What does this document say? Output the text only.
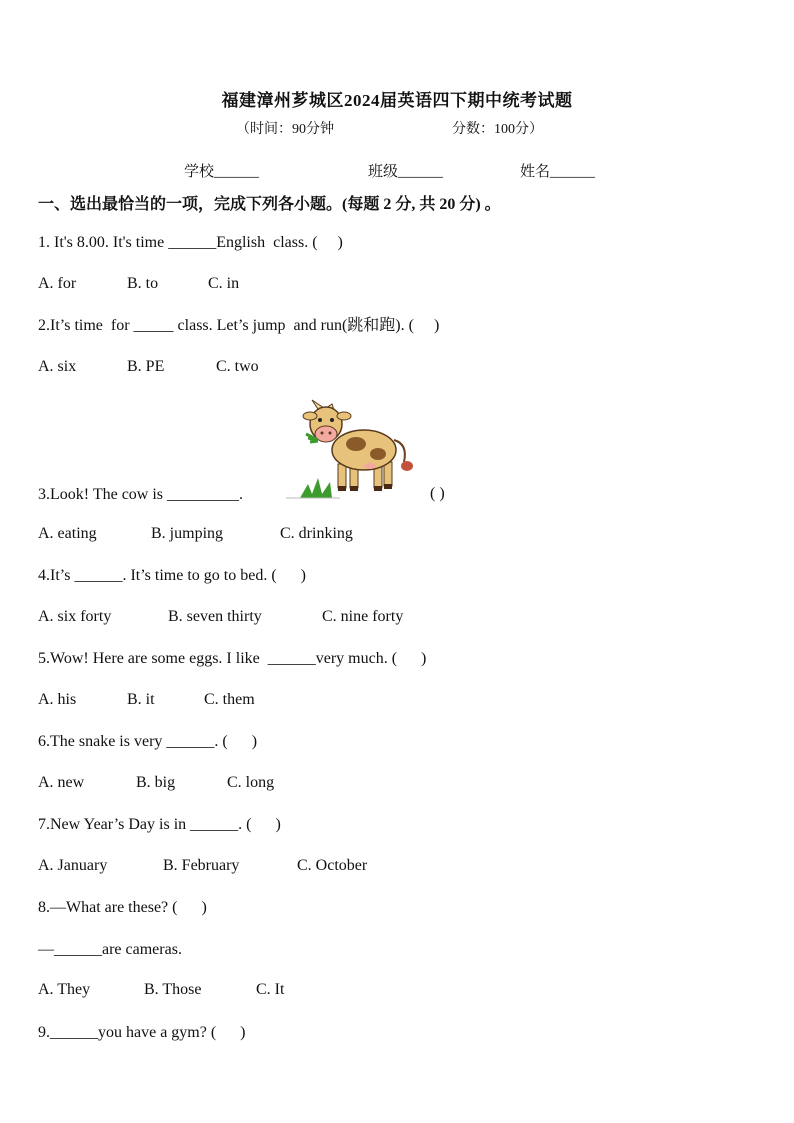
福建漳州芗城区2024届英语四下期中统考试题
（时间：90分钟	分数：100分）
学校______	班级______	姓名______
一、选出最恰当的一项，完成下列各小题。(每题 2 分, 共 20 分) 。
1. It's 8.00. It's time ______English  class. (     )
A. for	B. to	C. in
2.It’s time  for _____ class. Let’s jump  and run(跳和跑). (     )
A. six	B. PE	C. two
3.Look! The cow is _________.	( )
A. eating	B. jumping	C. drinking
4.It’s ______. It’s time to go to bed. (      )
A. six forty	B. seven thirty	C. nine forty
5.Wow! Here are some eggs. I like  ______very much. (      )
A. his	B. it	C. them
6.The snake is very ______. (      )
A. new	B. big	C. long
7.New Year’s Day is in ______. (      )
A. January	B. February	C. October
8.—What are these? (      )
—______are cameras.
A. They	B. Those	C. It
9.______you have a gym? (      )
